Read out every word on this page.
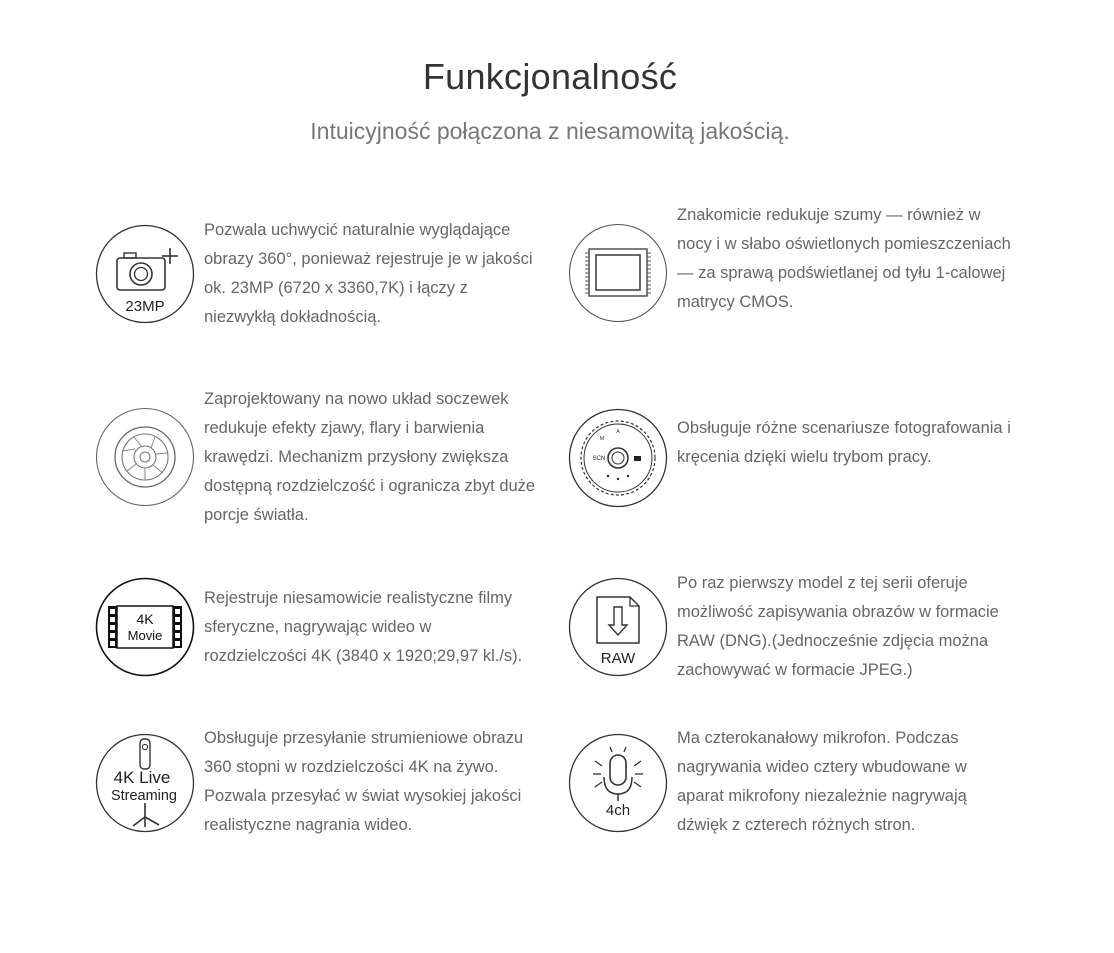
Funkcjonalność
Intuicyjność połączona z niesamowitą jakością.
23MP
Pozwala uchwycić naturalnie wyglądające obrazy 360°, ponieważ rejestruje je w jakości ok. 23MP (6720 x 3360,7K) i łączy z niezwykłą dokładnością.
Znakomicie redukuje szumy — również w nocy i w słabo oświetlonych pomieszczeniach — za sprawą podświetlanej od tyłu 1-calowej matrycy CMOS.
Zaprojektowany na nowo układ soczewek redukuje efekty zjawy, flary i barwienia krawędzi. Mechanizm przysłony zwiększa dostępną rozdzielczość i ogranicza zbyt duże porcje światła.
SCN
A
M
Obsługuje różne scenariusze fotografowania i kręcenia dzięki wielu trybom pracy.
4K
Movie
Rejestruje niesamowicie realistyczne filmy sferyczne, nagrywając wideo w rozdzielczości 4K (3840 x 1920;29,97 kl./s).	RAW
Po raz pierwszy model z tej serii oferuje możliwość zapisywania obrazów w formacie RAW (DNG).(Jednocześnie zdjęcia można zachowywać w formacie JPEG.)
4K Live
Streaming
Obsługuje przesyłanie strumieniowe obrazu 360 stopni w rozdzielczości 4K na żywo. Pozwala przesyłać w świat wysokiej jakości realistyczne nagrania wideo.
4ch
Ma czterokanałowy mikrofon. Podczas nagrywania wideo cztery wbudowane w aparat mikrofony niezależnie nagrywają dźwięk z czterech różnych stron.
